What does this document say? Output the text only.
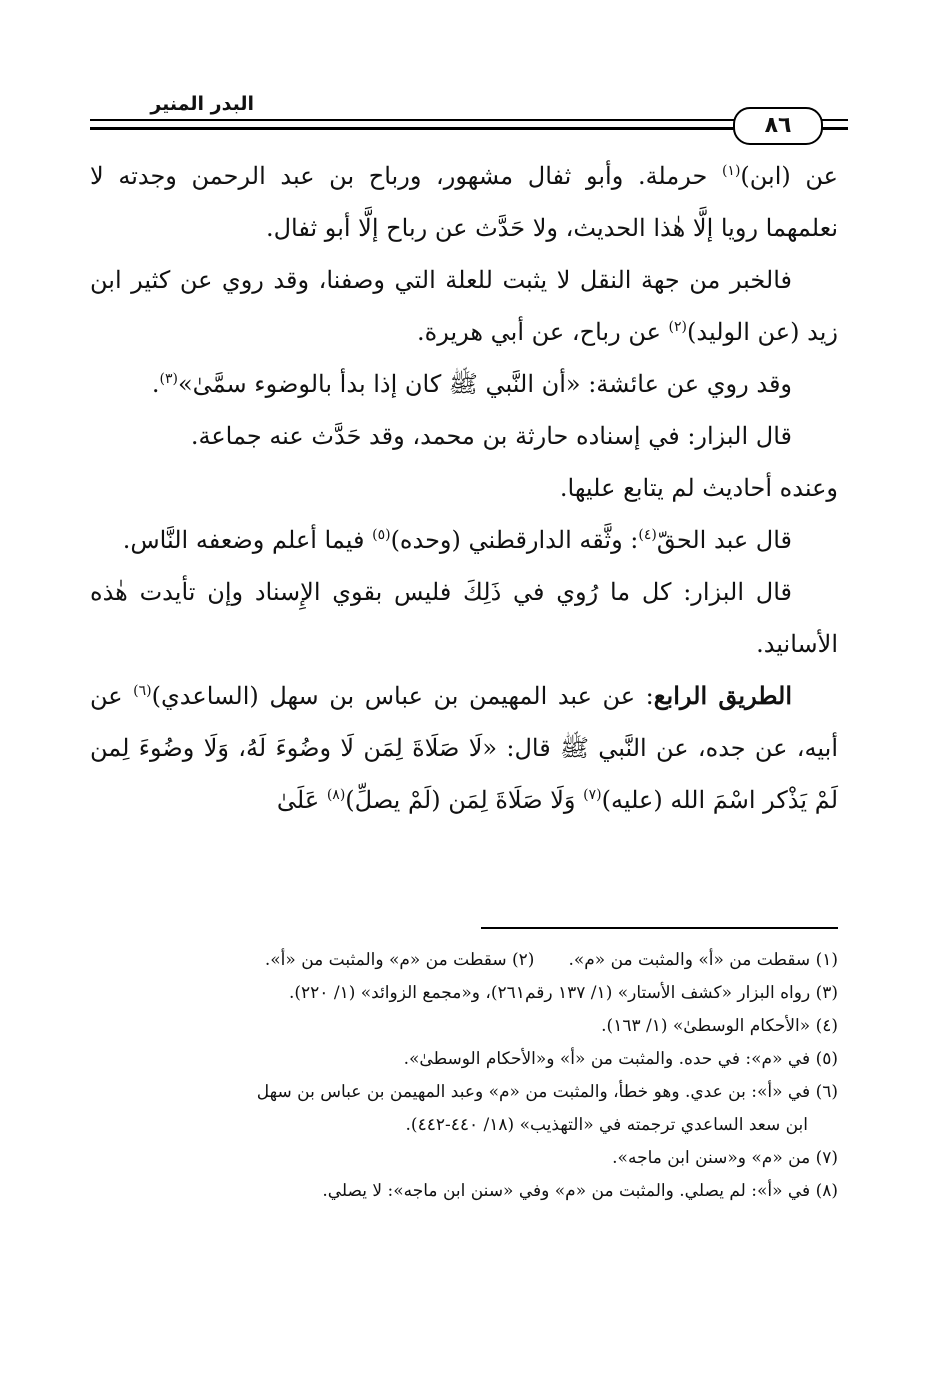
البدر المنير
٨٦

عن (ابن)$^{(١)}$ حرملة. وأبو ثفال مشهور، ورباح بن عبد الرحمن وجدته لا نعلمهما رويا إلَّا هٰذا الحديث، ولا حَدَّث عن رباح إلَّا أبو ثفال.

فالخبر من جهة النقل لا يثبت للعلة التي وصفنا، وقد روي عن كثير ابن زيد (عن الوليد)$^{(٢)}$ عن رباح، عن أبي هريرة.

وقد روي عن عائشة: «أن النَّبي ﷺ كان إذا بدأ بالوضوء سمَّىٰ»$^{(٣)}$.

قال البزار: في إسناده حارثة بن محمد، وقد حَدَّث عنه جماعة.

وعنده أحاديث لم يتابع عليها.

قال عبد الحقّ$^{(٤)}$: وثَّقه الدارقطني (وحده)$^{(٥)}$ فيما أعلم وضعفه النَّاس.

قال البزار: كل ما رُوي في ذَلِكَ فليس بقوي الإِسناد وإن تأيدت هٰذه الأسانيد.

الطريق الرابع: عن عبد المهيمن بن عباس بن سهل (الساعدي)$^{(٦)}$ عن أبيه، عن جده، عن النَّبي ﷺ قال: «لَا صَلَاةَ لِمَن لَا وضُوءَ لَهُ، وَلَا وضُوءَ لِمن لَمْ يَذْكر اسْمَ الله (عليه)$^{(٧)}$ وَلَا صَلَاةَ لِمَن (لَمْ يصلِّ)$^{(٨)}$ عَلَىٰ

(١) سقطت من «أ» والمثبت من «م».(٢) سقطت من «م» والمثبت من «أ».

(٣) رواه البزار «كشف الأستار» (١/ ١٣٧ رقم٢٦١)، و«مجمع الزوائد» (١/ ٢٢٠).

(٤) «الأحكام الوسطىٰ» (١/ ١٦٣).

(٥) في «م»: في حده. والمثبت من «أ» و«الأحكام الوسطىٰ».

(٦) في «أ»: بن عدي. وهو خطأ، والمثبت من «م» وعبد المهيمن بن عباس بن سهل

ابن سعد الساعدي ترجمته في «التهذيب» (١٨/ ٤٤٠-٤٤٢).

(٧) من «م» و«سنن ابن ماجه».

(٨) في «أ»: لم يصلي. والمثبت من «م» وفي «سنن ابن ماجه»: لا يصلي.
